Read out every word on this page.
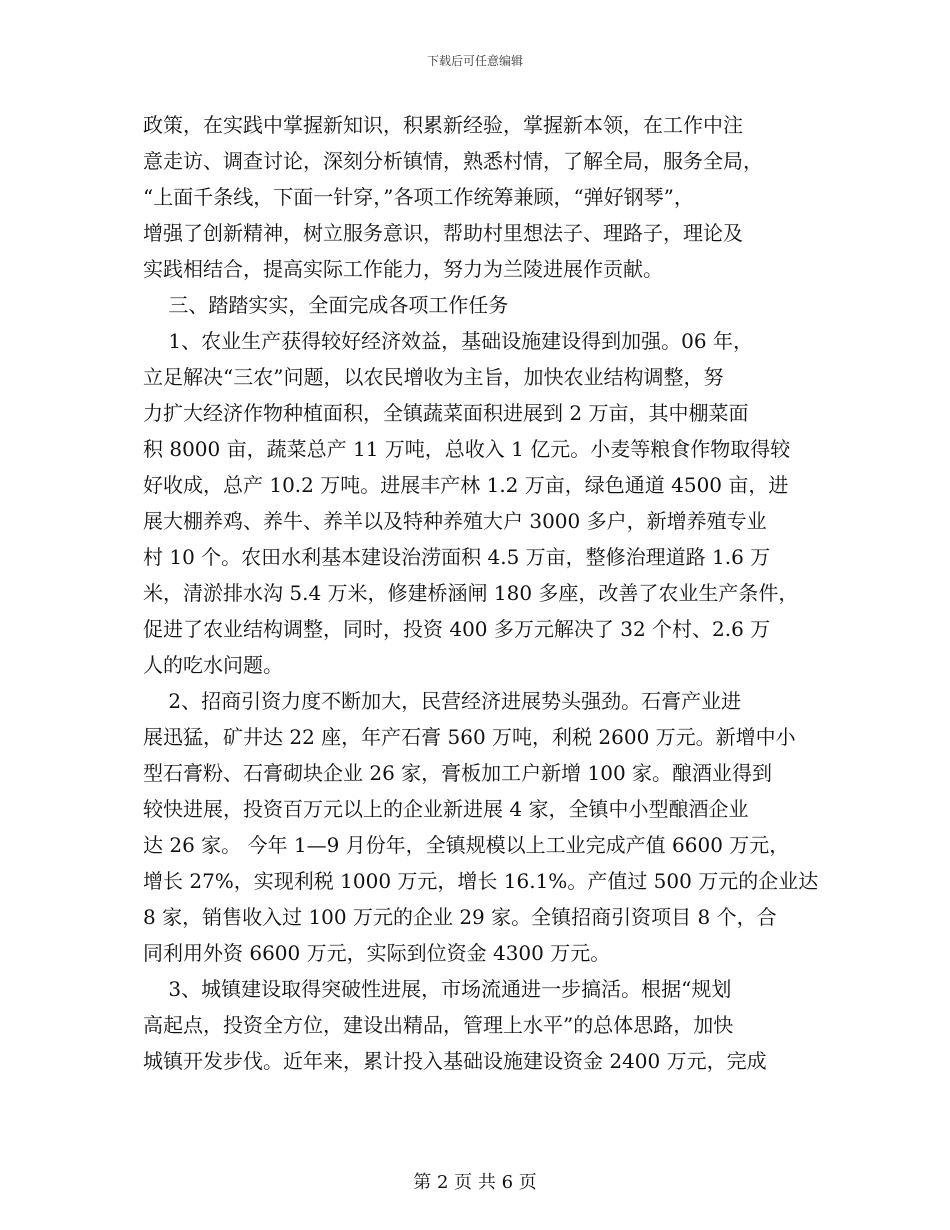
下载后可任意编辑
政策，在实践中掌握新知识，积累新经验，掌握新本领，在工作中注
意走访、调查讨论，深刻分析镇情，熟悉村情，了解全局，服务全局，
“上面千条线，下面一针穿，”各项工作统筹兼顾，“弹好钢琴”，
增强了创新精神，树立服务意识，帮助村里想法子、理路子，理论及
实践相结合，提高实际工作能力，努力为兰陵进展作贡献。
三、踏踏实实，全面完成各项工作任务
1、农业生产获得较好经济效益，基础设施建设得到加强。06 年，
立足解决“三农”问题，以农民增收为主旨，加快农业结构调整，努
力扩大经济作物种植面积，全镇蔬菜面积进展到 2 万亩，其中棚菜面
积 8000 亩，蔬菜总产 11 万吨，总收入 1 亿元。小麦等粮食作物取得较
好收成，总产 10.2 万吨。进展丰产林 1.2 万亩，绿色通道 4500 亩，进
展大棚养鸡、养牛、养羊以及特种养殖大户 3000 多户，新增养殖专业
村 10 个。农田水利基本建设治涝面积 4.5 万亩，整修治理道路 1.6 万
米，清淤排水沟 5.4 万米，修建桥涵闸 180 多座，改善了农业生产条件，
促进了农业结构调整，同时，投资 400 多万元解决了 32 个村、2.6 万
人的吃水问题。
2、招商引资力度不断加大，民营经济进展势头强劲。石膏产业进
展迅猛，矿井达 22 座，年产石膏 560 万吨，利税 2600 万元。新增中小
型石膏粉、石膏砌块企业 26 家，膏板加工户新增 100 家。酿酒业得到
较快进展，投资百万元以上的企业新进展 4 家，全镇中小型酿酒企业
达 26 家。 今年 1—9 月份年，全镇规模以上工业完成产值 6600 万元，
增长 27%，实现利税 1000 万元，增长 16.1%。产值过 500 万元的企业达
8 家，销售收入过 100 万元的企业 29 家。全镇招商引资项目 8 个，合
同利用外资 6600 万元，实际到位资金 4300 万元。
3、城镇建设取得突破性进展，市场流通进一步搞活。根据“规划
高起点，投资全方位，建设出精品，管理上水平”的总体思路，加快
城镇开发步伐。近年来，累计投入基础设施建设资金 2400 万元，完成
第 2 页 共 6 页
